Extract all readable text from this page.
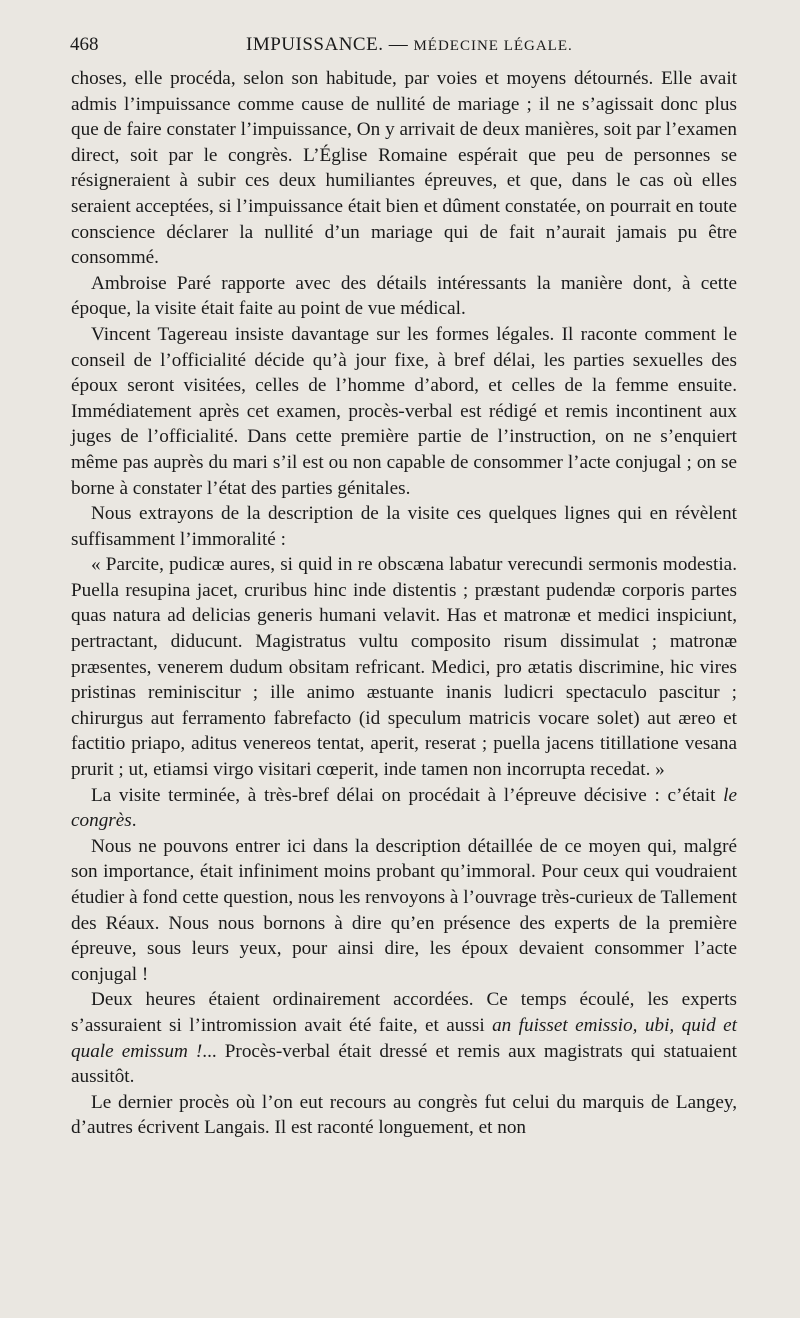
468	IMPUISSANCE. — MÉDECINE LÉGALE.

choses, elle procéda, selon son habitude, par voies et moyens détournés. Elle avait admis l’impuissance comme cause de nullité de mariage ; il ne s’agissait donc plus que de faire constater l’impuissance, On y arrivait de deux manières, soit par l’examen direct, soit par le congrès. L’Église Romaine espérait que peu de personnes se résigneraient à subir ces deux humiliantes épreuves, et que, dans le cas où elles seraient acceptées, si l’impuissance était bien et dûment constatée, on pourrait en toute conscience déclarer la nullité d’un mariage qui de fait n’aurait jamais pu être consommé.

Ambroise Paré rapporte avec des détails intéressants la manière dont, à cette époque, la visite était faite au point de vue médical.

Vincent Tagereau insiste davantage sur les formes légales. Il raconte comment le conseil de l’officialité décide qu’à jour fixe, à bref délai, les parties sexuelles des époux seront visitées, celles de l’homme d’abord, et celles de la femme ensuite. Immédiatement après cet examen, procès-verbal est rédigé et remis incontinent aux juges de l’officialité. Dans cette première partie de l’instruction, on ne s’enquiert même pas auprès du mari s’il est ou non capable de consommer l’acte conjugal ; on se borne à constater l’état des parties génitales.

Nous extrayons de la description de la visite ces quelques lignes qui en révèlent suffisamment l’immoralité :

« Parcite, pudicæ aures, si quid in re obscæna labatur verecundi sermonis modestia. Puella resupina jacet, cruribus hinc inde distentis ; præstant pudendæ corporis partes quas natura ad delicias generis humani velavit. Has et matronæ et medici inspiciunt, pertractant, diducunt. Magistratus vultu composito risum dissimulat ; matronæ præsentes, venerem dudum obsitam refricant. Medici, pro ætatis discrimine, hic vires pristinas reminiscitur ; ille animo æstuante inanis ludicri spectaculo pascitur ; chirurgus aut ferramento fabrefacto (id speculum matricis vocare solet) aut æreo et factitio priapo, aditus venereos tentat, aperit, reserat ; puella jacens titillatione vesana prurit ; ut, etiamsi virgo visitari cœperit, inde tamen non incorrupta recedat. »

La visite terminée, à très-bref délai on procédait à l’épreuve décisive : c’était le congrès.

Nous ne pouvons entrer ici dans la description détaillée de ce moyen qui, malgré son importance, était infiniment moins probant qu’immoral. Pour ceux qui voudraient étudier à fond cette question, nous les renvoyons à l’ouvrage très-curieux de Tallement des Réaux. Nous nous bornons à dire qu’en présence des experts de la première épreuve, sous leurs yeux, pour ainsi dire, les époux devaient consommer l’acte conjugal !

Deux heures étaient ordinairement accordées. Ce temps écoulé, les experts s’assuraient si l’intromission avait été faite, et aussi an fuisset emissio, ubi, quid et quale emissum !... Procès-verbal était dressé et remis aux magistrats qui statuaient aussitôt.

Le dernier procès où l’on eut recours au congrès fut celui du marquis de Langey, d’autres écrivent Langais. Il est raconté longuement, et non
